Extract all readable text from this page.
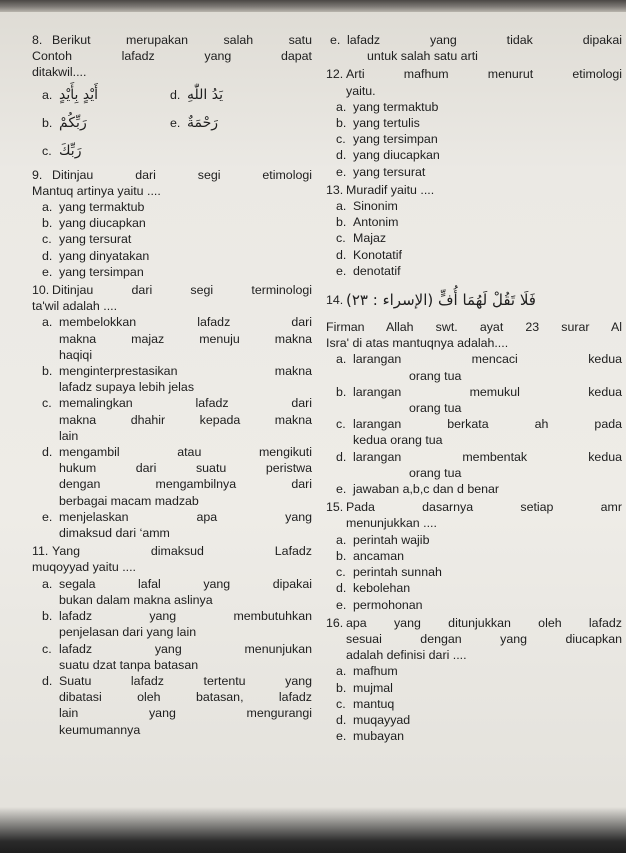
8. Berikut merupakan salah satu
Contoh lafadz yang dapat
ditakwil....
a. أَيْدٍ بِأَيْدٍ	d. يَدُ اللّٰهِ
b. رَبِّكُمْ	e. رَحْمَةٌ
c. رَبِّكَ
9. Ditinjau dari segi etimologi
Mantuq artinya yaitu ....
a. yang termaktub
b. yang diucapkan
c. yang tersurat
d. yang dinyatakan
e. yang tersimpan
10. Ditinjau dari segi terminologi
ta'wil adalah ....
a. membelokkan lafadz dari
makna majaz menuju makna
haqiqi
b. menginterprestasikan makna
lafadz supaya lebih jelas
c. memalingkan lafadz dari
makna dhahir kepada makna
lain
d. mengambil atau mengikuti
hukum dari suatu peristwa
dengan mengambilnya dari
berbagai macam madzab
e. menjelaskan apa yang
dimaksud dari ‘amm
11. Yang dimaksud Lafadz
muqoyyad yaitu ....
a. segala lafal yang dipakai
bukan dalam makna aslinya
b. lafadz yang membutuhkan
penjelasan dari yang lain
c. lafadz yang menunjukan
suatu dzat tanpa batasan
d. Suatu lafadz tertentu yang
dibatasi oleh batasan, lafadz
lain yang mengurangi
keumumannya
e. lafadz yang tidak dipakai
untuk salah satu arti
12. Arti mafhum menurut etimologi
yaitu.
a. yang termaktub
b. yang tertulis
c. yang tersimpan
d. yang diucapkan
e. yang tersurat
13. Muradif yaitu ....
a. Sinonim
b. Antonim
c. Majaz
d. Konotatif
e. denotatif
14. فَلَا تَقُلْ لَهُمَا أُفٍّ (الإسراء : ٢٣)
Firman Allah swt. ayat 23 surar Al
Isra' di atas mantuqnya adalah....
a. larangan mencaci kedua
orang tua
b. larangan memukul kedua
orang tua
c. larangan berkata ah pada
kedua orang tua
d. larangan membentak kedua
orang tua
e. jawaban a,b,c dan d benar
15. Pada dasarnya setiap amr
menunjukkan ....
a. perintah wajib
b. ancaman
c. perintah sunnah
d. kebolehan
e. permohonan
16. apa yang ditunjukkan oleh lafadz
sesuai dengan yang diucapkan
adalah definisi dari ....
a. mafhum
b. mujmal
c. mantuq
d. muqayyad
e. mubayan
